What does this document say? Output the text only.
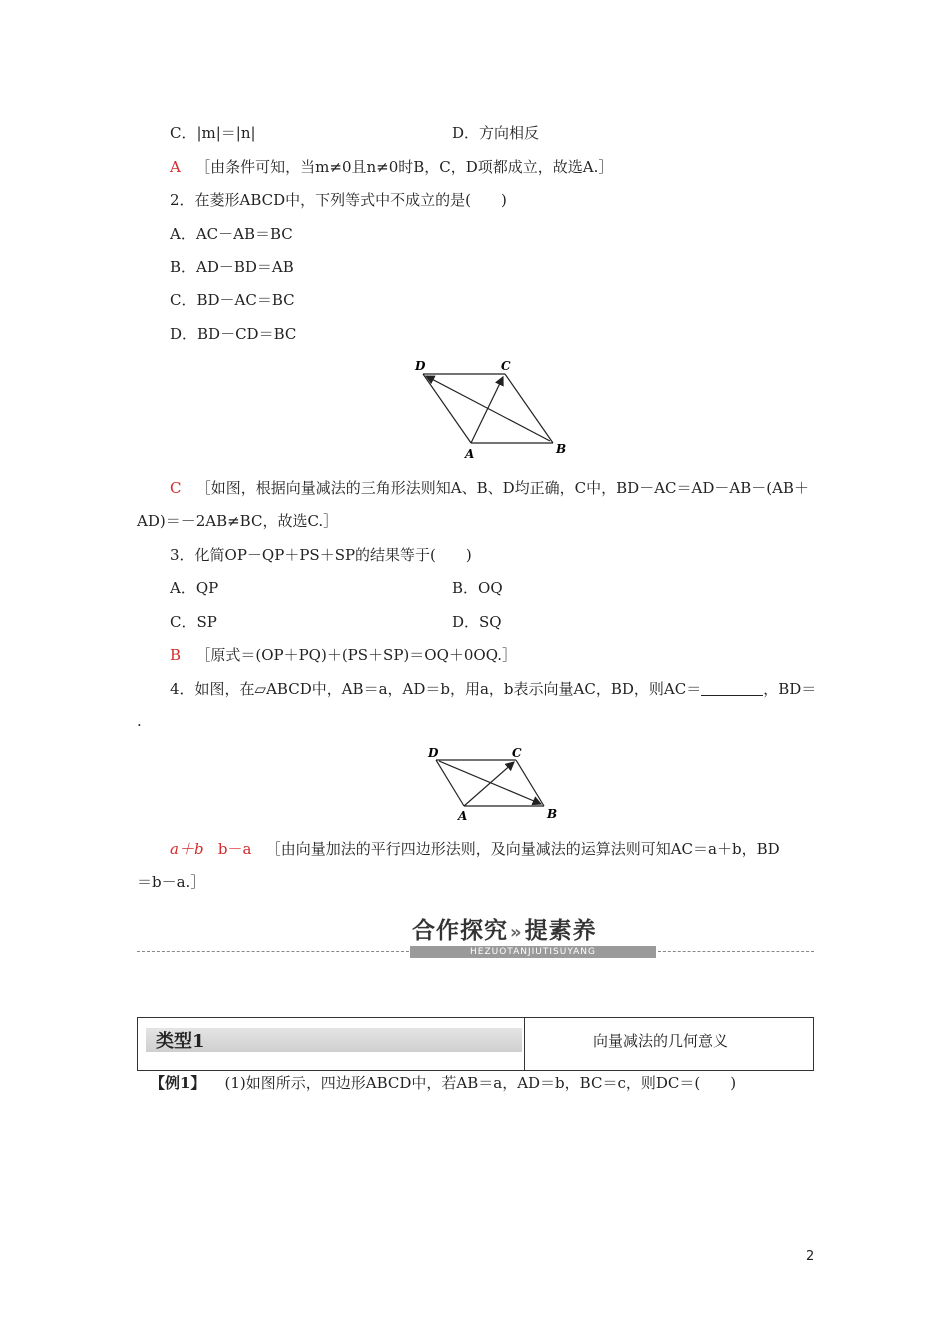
C．|m|＝|n|	D．方向相反
A ［由条件可知，当m≠0且n≠0时B，C，D项都成立，故选A.］
2．在菱形ABCD中，下列等式中不成立的是(　　)
A．AC－AB＝BC
B．AD－BD＝AB
C．BD－AC＝BC
D．BD－CD＝BC
D	C
A	B
C ［如图，根据向量减法的三角形法则知A、B、D均正确，C中，BD－AC＝AD－AB－(AB＋
AD)＝－2AB≠BC，故选C.］
3．化简OP－QP＋PS＋SP的结果等于(　　)
A．QP	B．OQ
C．SP	D．SQ
B ［原式＝(OP＋PQ)＋(PS＋SP)＝OQ＋0OQ.］
4．如图，在▱ABCD中，AB＝a，AD＝b，用a，b表示向量AC，BD，则AC＝	，BD＝
.
D	C
A	B
a＋b b－a ［由向量加法的平行四边形法则，及向量减法的运算法则可知AC＝a＋b，BD
＝b－a.］
合作探究 »提素养
HEZUOTANJIUTISUYANG
类型1	向量减法的几何意义
【例1】 (1)如图所示，四边形ABCD中，若AB＝a，AD＝b，BC＝c，则DC＝(　　)
2
